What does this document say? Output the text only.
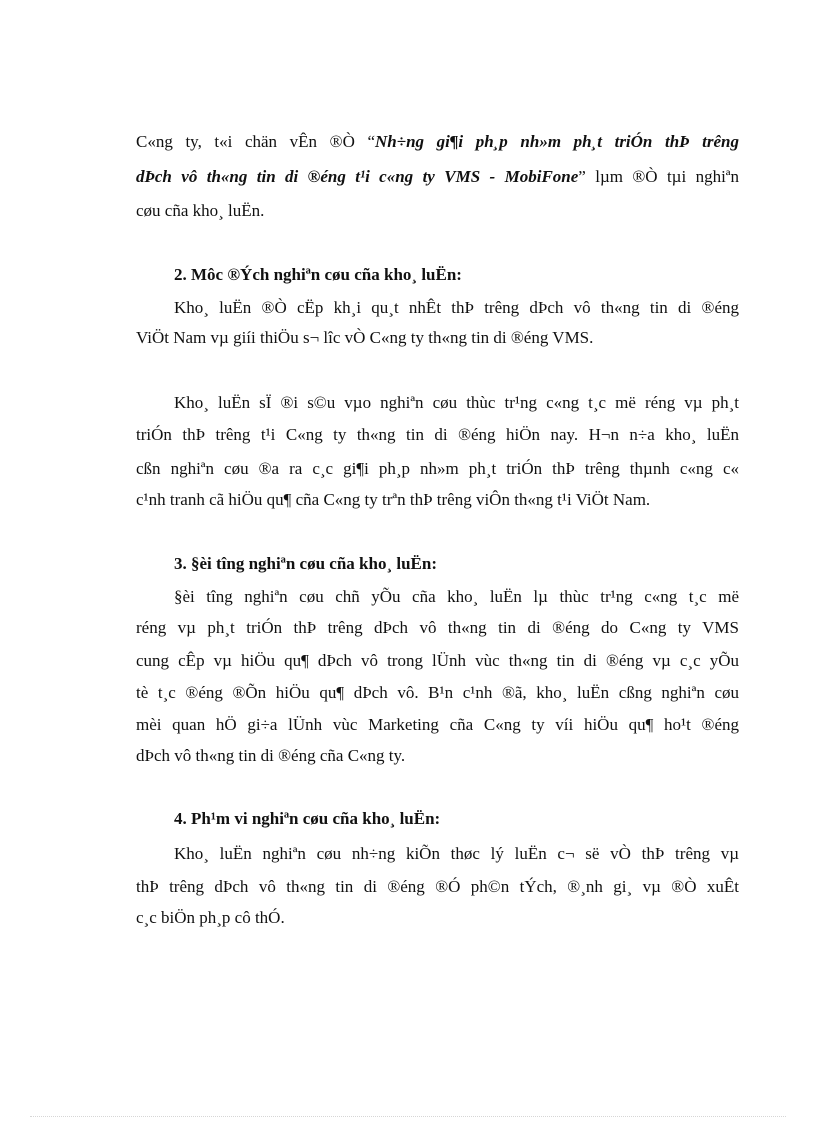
C«ng ty, t«i chän vÊn ®Ò “Nh÷ng gi¶i ph¸p nh»m ph¸t triÓn thÞ trêng
dÞch vô th«ng tin di ®éng t¹i c«ng ty VMS - MobiFone” lµm ®Ò tµi nghiªn
cøu cña kho¸ luËn.
2. Môc ®Ých nghiªn cøu cña kho¸ luËn:
Kho¸ luËn ®Ò cËp kh¸i qu¸t nhÊt thÞ trêng dÞch vô th«ng tin di ®éng
ViÖt Nam vµ giíi thiÖu s¬ lîc vÒ C«ng ty th«ng tin di ®éng VMS.
Kho¸ luËn sÏ ®i s©u vµo nghiªn cøu thùc tr¹ng c«ng t¸c më réng vµ ph¸t
triÓn thÞ trêng t¹i C«ng ty th«ng tin di ®éng hiÖn nay. H¬n n÷a kho¸ luËn
cßn nghiªn cøu ®a ra c¸c gi¶i ph¸p nh»m ph¸t triÓn thÞ trêng thµnh c«ng c«
c¹nh tranh cã hiÖu qu¶ cña C«ng ty trªn thÞ trêng viÔn th«ng t¹i ViÖt Nam.
3. §èi tîng nghiªn cøu cña kho¸ luËn:
§èi tîng nghiªn cøu chñ yÕu cña kho¸ luËn lµ thùc tr¹ng c«ng t¸c më
réng vµ ph¸t triÓn thÞ trêng dÞch vô th«ng tin di ®éng do C«ng ty VMS
cung cÊp vµ hiÖu qu¶ dÞch vô trong lÜnh vùc th«ng tin di ®éng vµ c¸c yÕu
tè t¸c ®éng ®Õn hiÖu qu¶ dÞch vô. B¹n c¹nh ®ã, kho¸ luËn cßng nghiªn cøu
mèi quan hÖ gi÷a lÜnh vùc Marketing cña C«ng ty víi hiÖu qu¶ ho¹t ®éng
dÞch vô th«ng tin di ®éng cña C«ng ty.
4. Ph¹m vi nghiªn cøu cña kho¸ luËn:
Kho¸ luËn nghiªn cøu nh÷ng kiÕn thøc lý luËn c¬ së vÒ thÞ trêng vµ
thÞ trêng dÞch vô th«ng tin di ®éng ®Ó ph©n tÝch, ®¸nh gi¸ vµ ®Ò xuÊt
c¸c biÖn ph¸p cô thÓ.
